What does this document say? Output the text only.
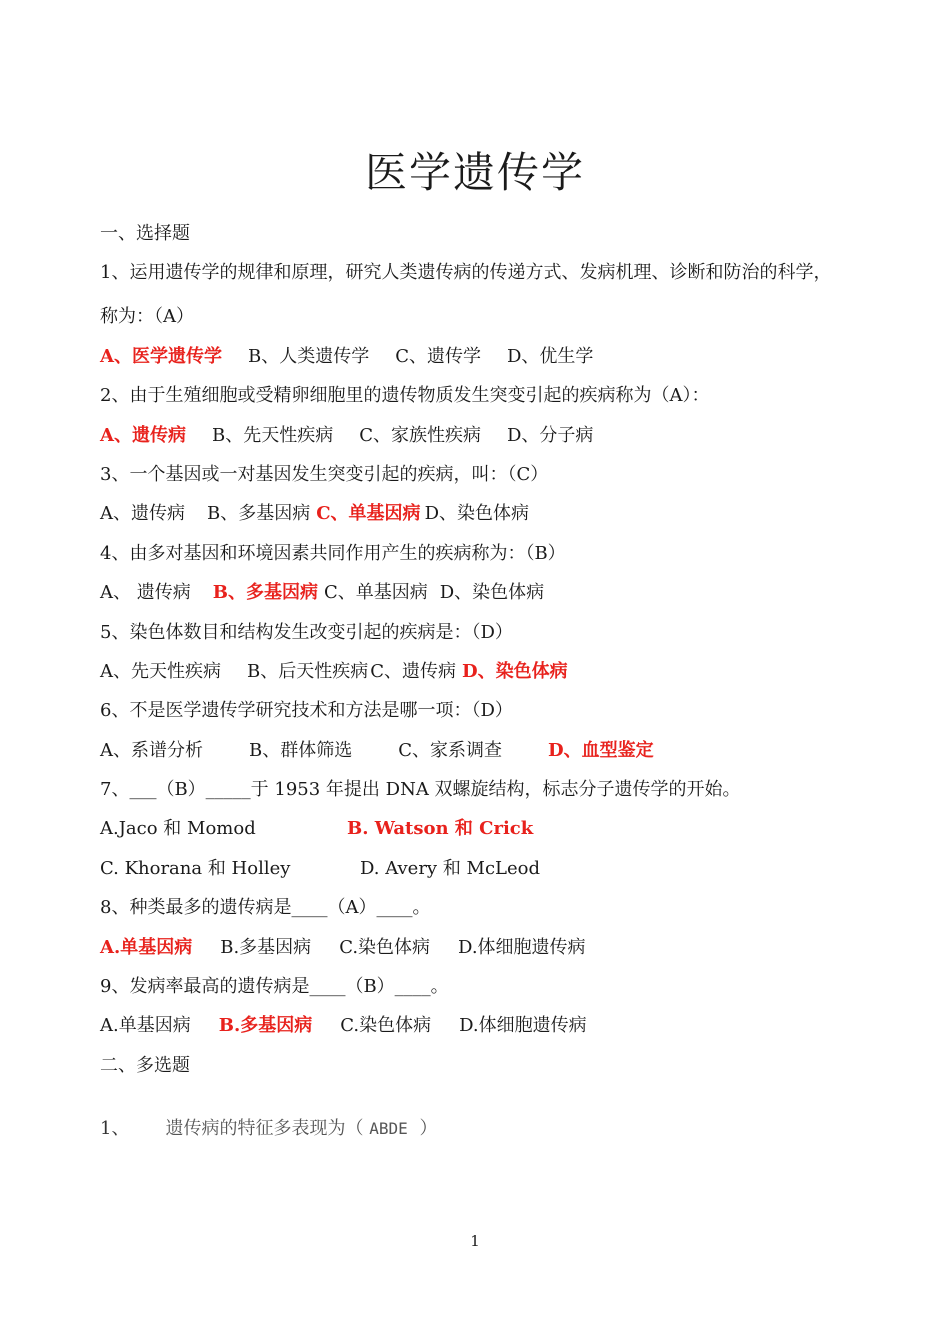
医学遗传学
一、选择题
1、运用遗传学的规律和原理，研究人类遗传病的传递方式、发病机理、诊断和防治的科学，
称为：（A）
A、医学遗传学 B、人类遗传学 C、遗传学 D、优生学
2、由于生殖细胞或受精卵细胞里的遗传物质发生突变引起的疾病称为（A）：
A、遗传病 B、先天性疾病 C、家族性疾病 D、分子病
3、一个基因或一对基因发生突变引起的疾病，叫：（C）
A、遗传病 B、多基因病 C、单基因病 D、染色体病
4、由多对基因和环境因素共同作用产生的疾病称为：（B）
A、 遗传病 B、多基因病 C、单基因病 D、染色体病
5、染色体数目和结构发生改变引起的疾病是：（D）
A、先天性疾病 B、后天性疾病 C、遗传病 D、染色体病
6、不是医学遗传学研究技术和方法是哪一项：（D）
A、系谱分析	B、群体筛选	C、家系调查	D、血型鉴定
7、___（B）_____于 1953 年提出 DNA 双螺旋结构，标志分子遗传学的开始。
A.Jaco 和 Momod	B. Watson 和 Crick
C. Khorana 和 Holley	D. Avery 和 McLeod
8、种类最多的遗传病是____（A）____。
A.单基因病 B.多基因病 C.染色体病 D.体细胞遗传病
9、发病率最高的遗传病是____（B）____。
A.单基因病 B.多基因病 C.染色体病 D.体细胞遗传病
二、多选题
1、 遗传病的特征多表现为（ ABDE ）
1
